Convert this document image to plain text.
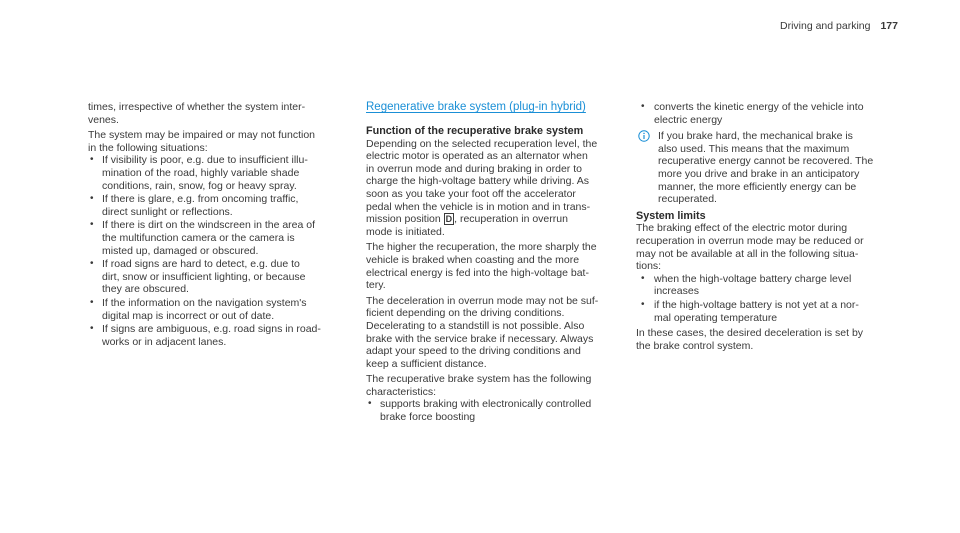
Driving and parking 177

times, irrespective of whether the system inter-
venes.

The system may be impaired or may not function
in the following situations:

• If visibility is poor, e.g. due to insufficient illu-
mination of the road, highly variable shade
conditions, rain, snow, fog or heavy spray.
• If there is glare, e.g. from oncoming traffic,
direct sunlight or reflections.
• If there is dirt on the windscreen in the area of
the multifunction camera or the camera is
misted up, damaged or obscured.
• If road signs are hard to detect, e.g. due to
dirt, snow or insufficient lighting, or because
they are obscured.
• If the information on the navigation system's
digital map is incorrect or out of date.
• If signs are ambiguous, e.g. road signs in road-
works or in adjacent lanes.
Regenerative brake system (plug-in hybrid)
Function of the recuperative brake system

Depending on the selected recuperation level, the
electric motor is operated as an alternator when
in overrun mode and during braking in order to
charge the high-voltage battery while driving. As
soon as you take your foot off the accelerator
pedal when the vehicle is in motion and in trans-
mission position D , recuperation in overrun
mode is initiated.

The higher the recuperation, the more sharply the
vehicle is braked when coasting and the more
electrical energy is fed into the high-voltage bat-
tery.

The deceleration in overrun mode may not be suf-
ficient depending on the driving conditions.
Decelerating to a standstill is not possible. Also
brake with the service brake if necessary. Always
adapt your speed to the driving conditions and
keep a sufficient distance.

The recuperative brake system has the following
characteristics:

• supports braking with electronically controlled
brake force boosting
• converts the kinetic energy of the vehicle into
electric energy
If you brake hard, the mechanical brake is
also used. This means that the maximum
recuperative energy cannot be recovered. The
more you drive and brake in an anticipatory
manner, the more efficiently energy can be
recuperated.

System limits

The braking effect of the electric motor during
recuperation in overrun mode may be reduced or
may not be available at all in the following situa-
tions:

• when the high-voltage battery charge level
increases
• if the high-voltage battery is not yet at a nor-
mal operating temperature

In these cases, the desired deceleration is set by
the brake control system.
